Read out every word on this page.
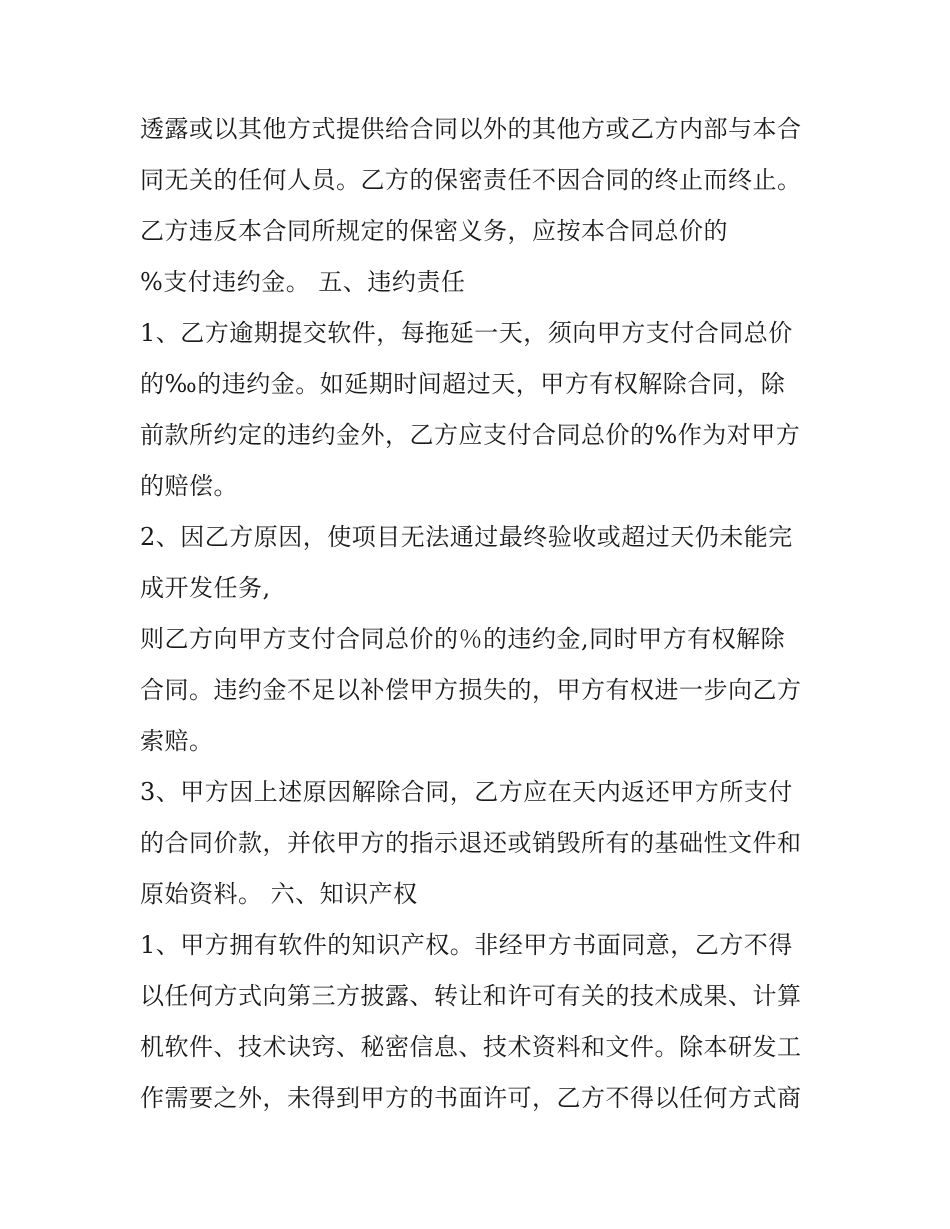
透露或以其他方式提供给合同以外的其他方或乙方内部与本合
同无关的任何人员。乙方的保密责任不因合同的终止而终止。
乙方违反本合同所规定的保密义务，应按本合同总价的
%支付违约金。 五、违约责任
1、乙方逾期提交软件，每拖延一天，须向甲方支付合同总价
的‰的违约金。如延期时间超过天，甲方有权解除合同，除
前款所约定的违约金外，乙方应支付合同总价的%作为对甲方
的赔偿。
2、因乙方原因，使项目无法通过最终验收或超过天仍未能完
成开发任务,
则乙方向甲方支付合同总价的％的违约金,同时甲方有权解除
合同。违约金不足以补偿甲方损失的，甲方有权进一步向乙方
索赔。
3、甲方因上述原因解除合同，乙方应在天内返还甲方所支付
的合同价款，并依甲方的指示退还或销毁所有的基础性文件和
原始资料。 六、知识产权
1、甲方拥有软件的知识产权。非经甲方书面同意，乙方不得
以任何方式向第三方披露、转让和许可有关的技术成果、计算
机软件、技术诀窍、秘密信息、技术资料和文件。除本研发工
作需要之外，未得到甲方的书面许可，乙方不得以任何方式商
